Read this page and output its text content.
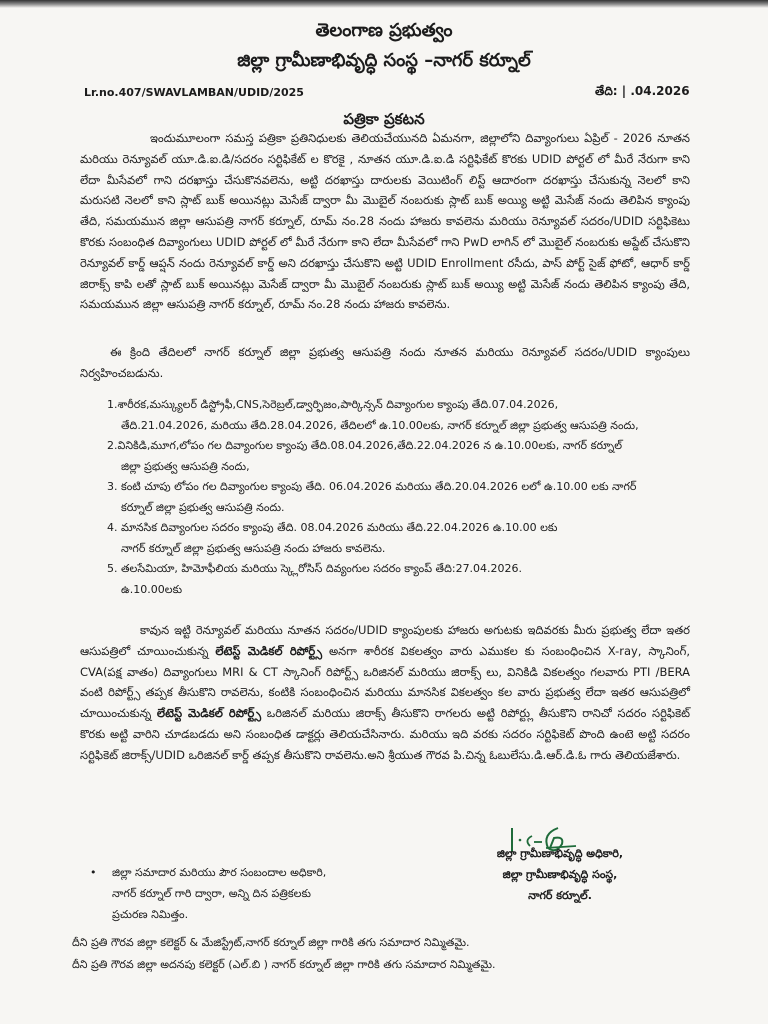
తెలంగాణ ప్రభుత్వం
జిల్లా గ్రామీణాభివృద్ధి సంస్థ –నాగర్ కర్నూల్
Lr.no.407/SWAVLAMBAN/UDID/2025	తేది: | .04.2026
పత్రికా ప్రకటన
ఇందుమూలంగా సమస్త పత్రికా ప్రతినిధులకు తెలియచేయునది ఏమనగా, జిల్లాలోని దివ్యాంగులు ఏప్రిల్ - 2026 నూతన మరియు రెన్యూవల్ యూ.డి.ఐ.డి/సదరం సర్టిఫికేట్ ల కొరకై , నూతన యూ.డి.ఐ.డి సర్టిఫికేట్ కొరకు UDID పోర్టల్ లో మీరే నేరుగా కాని లేదా మీసేవలో గాని దరఖాస్తు చేసుకొనవలెను, అట్టి దరఖాస్తు దారులకు వెయిటింగ్ లిస్ట్ ఆదారంగా దరఖాస్తు చేసుకున్న నెలలో కాని మరుసటి నెలలో కాని స్లాట్ బుక్ అయినట్లు మెసేజ్ ద్వారా మీ మొబైల్ నంబరుకు స్లాట్ బుక్ అయ్యి అట్టి మెసేజ్ నందు తెలిపిన క్యాంపు తేది, సమయమున జిల్లా ఆసుపత్రి నాగర్ కర్నూల్, రూమ్ నం.28 నందు హాజరు కావలెను మరియు రెన్యూవల్ సదరం/UDID సర్టిఫికెటు కొరకు సంబంధిత దివ్యాంగులు UDID పోర్టల్ లో మీరే నేరుగా కాని లేదా మీసేవలో గాని PwD లాగిన్ లో మొబైల్ నంబరుకు అప్డేట్ చేసుకొని రెన్యూవల్ కార్డ్ ఆప్షన్ నందు రెన్యూవల్ కార్డ్ అని దరఖాస్తు చేసుకొని అట్టి UDID Enrollment రసీదు, పాస్ పోర్ట్ సైజ్ ఫోటో, ఆధార్ కార్డ్ జిరాక్స్ కాపి లతో స్లాట్ బుక్ అయినట్లు మెసేజ్ ద్వారా మీ మొబైల్ నంబరుకు స్లాట్ బుక్ అయ్యి అట్టి మెసేజ్ నందు తెలిపిన క్యాంపు తేది, సమయమున జిల్లా ఆసుపత్రి నాగర్ కర్నూల్, రూమ్ నం.28 నందు హాజరు కావలెను.
ఈ క్రింది తేదిలలో నాగర్ కర్నూల్ జిల్లా ప్రభుత్వ ఆసుపత్రి నందు నూతన మరియు రెన్యూవల్ సదరం/UDID క్యాంపులు నిర్వహించబడును.
1.శారీరక,మస్క్యులర్ డిస్ట్రోఫీ,CNS,సెరెబ్రల్,డ్వార్ఫిజం,పార్కిన్సన్ దివ్యాంగుల క్యాంపు తేది.07.04.2026,
తేది.21.04.2026, మరియు తేది.28.04.2026, తేదిలలో ఉ.10.00లకు, నాగర్ కర్నూల్ జిల్లా ప్రభుత్వ ఆసుపత్రి నందు,
2.వినికిడి,మూగ,లోపం గల దివ్యాంగుల క్యాంపు తేది.08.04.2026,తేది.22.04.2026 న ఉ.10.00లకు, నాగర్ కర్నూల్
జిల్లా ప్రభుత్వ ఆసుపత్రి నందు,
3. కంటి చూపు లోపం గల దివ్యాంగుల క్యాంపు తేది. 06.04.2026 మరియు తేది.20.04.2026 లలో ఉ.10.00 లకు నాగర్
కర్నూల్ జిల్లా ప్రభుత్వ ఆసుపత్రి నందు.
4. మానసిక దివ్యాంగుల సదరం క్యాంపు తేది. 08.04.2026 మరియు తేది.22.04.2026 ఉ.10.00 లకు
నాగర్ కర్నూల్ జిల్లా ప్రభుత్వ ఆసుపత్రి నందు హాజరు కావలెను.
5. తలసేమియా, హిమోఫీలియ మరియు స్క్లెరోసిస్ దివ్యంగుల సదరం క్యాంప్ తేది:27.04.2026.
ఉ.10.00లకు
కావున ఇట్టి రెన్యూవల్ మరియు నూతన సదరం/UDID క్యాంపులకు హాజరు అగుటకు ఇదివరకు మీరు ప్రభుత్వ లేదా ఇతర ఆసుపత్రిలో చూయించుకున్న లేటెస్ట్ మెడికల్ రిపోర్ట్స్ అనగా శారీరక వికలత్వం వారు ఎముకల కు సంబంధించిన X-ray, స్కానింగ్, CVA(పక్ష వాతం) దివ్యాంగులు MRI & CT స్కానింగ్ రిపోర్ట్స్ ఒరిజినల్ మరియు జిరాక్స్ లు, వినికిడి వికలత్వం గలవారు PTI /BERA వంటి రిపోర్ట్స్ తప్పక తీసుకొని రావలెను, కంటికి సంబంధించిన మరియు మానసిక వికలత్వం కల వారు ప్రభుత్వ లేదా ఇతర ఆసుపత్రిలో చూయించుకున్న లేటెస్ట్ మెడికల్ రిపోర్ట్స్ ఒరిజినల్ మరియు జిరాక్స్ తీసుకొని రాగలరు అట్టి రిపోర్ట్లు తీసుకొని రానిచో సదరం సర్టిఫికెట్ కొరకు అట్టి వారిని చూడబడదు అని సంబంధిత డాక్టర్లు తెలియచేసినారు. మరియు ఇది వరకు సదరం సర్టిఫికెట్ పొంది ఉంటె అట్టి సదరం సర్టిఫికెట్ జిరాక్స్/UDID ఒరిజినల్ కార్డ్ తప్పక తీసుకొని రావలెను.అని శ్రీయుత గౌరవ పి.చిన్న ఓబులేసు.డి.ఆర్.డి.ఓ గారు తెలియజేశారు.
జిల్లా గ్రామీణాభివృద్ధి అధికారి,
జిల్లా గ్రామీణాభివృద్ధి సంస్థ,
నాగర్ కర్నూల్.
•	జిల్లా సమాదార మరియు పౌర సంబందాల అధికారి,
నాగర్ కర్నూల్ గారి ద్వారా, అన్ని దిన పత్రికలకు
ప్రచురణ నిమిత్తం.
దీని ప్రతి గౌరవ జిల్లా కలెక్టర్ & మేజిస్ట్రేట్,నాగర్ కర్నూల్ జిల్లా గారికి తగు సమాదార నిమ్మితమై.
దీని ప్రతి గౌరవ జిల్లా అదనపు కలెక్టర్ (ఎల్.బి ) నాగర్ కర్నూల్ జిల్లా గారికి తగు సమాదార నిమ్మితమై.
